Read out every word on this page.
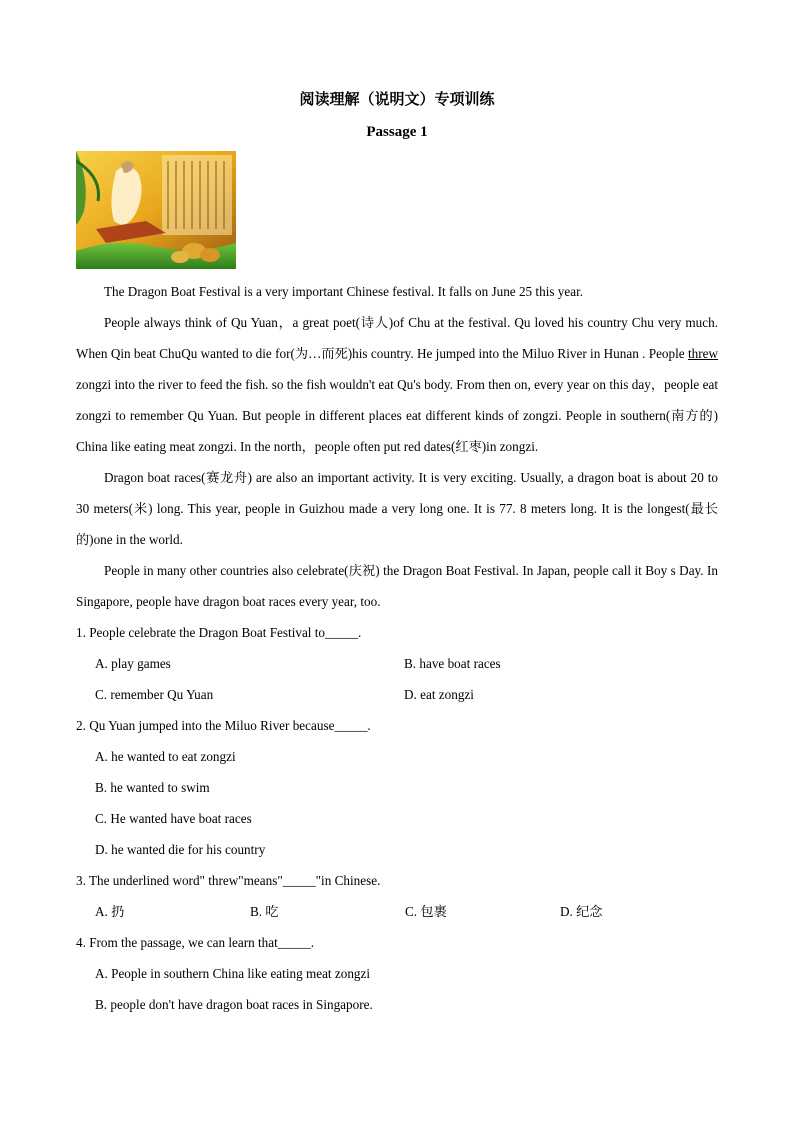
阅读理解（说明文）专项训练
Passage 1

The Dragon Boat Festival is a very important Chinese festival. It falls on June 25 this year.

People always think of Qu Yuan，a great poet(诗人)of Chu at the festival. Qu loved his country Chu very much. When Qin beat ChuQu wanted to die for(为…而死)his country. He jumped into the Miluo River in Hunan . People threw zongzi into the river to feed the fish. so the fish wouldn't eat Qu's body. From then on, every year on this day，people eat zongzi to remember Qu Yuan. But people in different places eat different kinds of zongzi. People in southern(南方的) China like eating meat zongzi. In the north，people often put red dates(红枣)in zongzi.

Dragon boat races(赛龙舟) are also an important activity. It is very exciting. Usually, a dragon boat is about 20 to 30 meters(米) long. This year, people in Guizhou made a very long one. It is 77. 8 meters long. It is the longest(最长的)one in the world.

People in many other countries also celebrate(庆祝) the Dragon Boat Festival. In Japan, people call it Boy s Day. In Singapore, people have dragon boat races every year, too.

1. People celebrate the Dragon Boat Festival to_____.

A. play games	B. have boat races
C. remember Qu Yuan	D. eat zongzi

2. Qu Yuan jumped into the Miluo River because_____.

A. he wanted to eat zongzi

B. he wanted to swim

C. He wanted have boat races

D. he wanted die for his country

3. The underlined word" threw"means"_____"in Chinese.

A. 扔	B. 吃	C. 包裹	D. 纪念

4. From the passage, we can learn that_____.

A. People in southern China like eating meat zongzi

B. people don't have dragon boat races in Singapore.
